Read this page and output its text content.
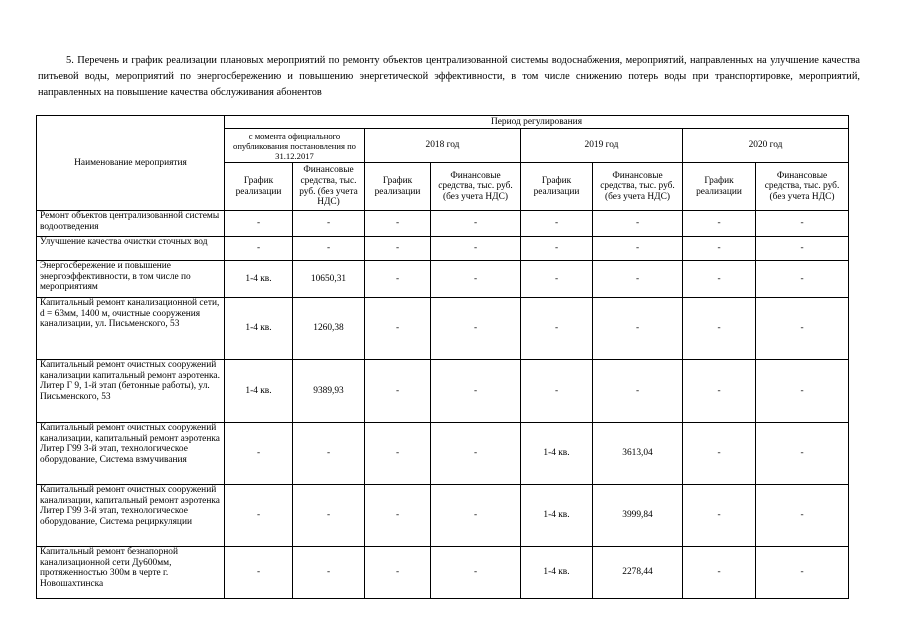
5. Перечень и график реализации плановых мероприятий по ремонту объектов централизованной системы водоснабжения, мероприятий, направленных на улучшение качества питьевой воды, мероприятий по энергосбережению и повышению энергетической эффективности, в том числе снижению потерь воды при транспортировке, мероприятий, направленных на повышение качества обслуживания абонентов

Наименование мероприятия	Период регулирования							
	с момента официального опубликования постановления по 31.12.2017		2018 год		2019 год		2020 год	
	График реализации	Финансовые средства, тыс. руб. (без учета НДС)	График реализации	Финансовые средства, тыс. руб. (без учета НДС)	График реализации	Финансовые средства, тыс. руб. (без учета НДС)	График реализации	Финансовые средства, тыс. руб. (без учета НДС)
Ремонт объектов централизованной системы водоотведения	-	-	-	-	-	-	-	-
Улучшение качества очистки сточных вод	-	-	-	-	-	-	-	-
Энергосбережение и повышение энергоэффективности, в том числе по мероприятиям	1-4 кв.	10650,31	-	-	-	-	-	-
Капитальный ремонт канализационной сети, d = 63мм, 1400 м, очистные сооружения канализации, ул. Письменского, 53	1-4 кв.	1260,38	-	-	-	-	-	-
Капитальный ремонт очистных сооружений канализации капитальный ремонт аэротенка. Литер Г 9, 1-й этап (бетонные работы), ул. Письменского, 53	1-4 кв.	9389,93	-	-	-	-	-	-
Капитальный ремонт очистных сооружений канализации, капитальный ремонт аэротенка Литер Г99 3-й этап, технологическое оборудование, Система взмучивания	-	-	-	-	1-4 кв.	3613,04	-	-
Капитальный ремонт очистных сооружений канализации, капитальный ремонт аэротенка Литер Г99 3-й этап, технологическое оборудование, Система рециркуляции	-	-	-	-	1-4 кв.	3999,84	-	-
Капитальный ремонт безнапорной канализационной сети Ду600мм, протяженностью 300м в черте г. Новошахтинска	-	-	-	-	1-4 кв.	2278,44	-	-
